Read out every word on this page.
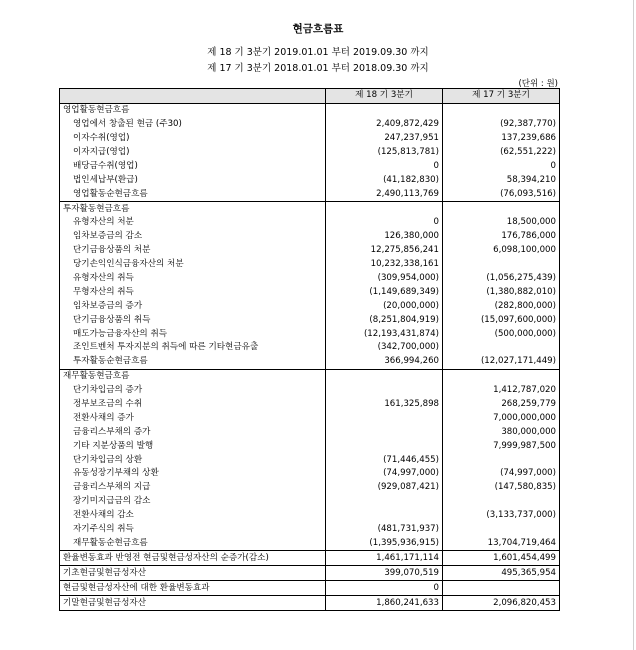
현금흐름표
제 18 기 3분기 2019.01.01 부터 2019.09.30 까지
제 17 기 3분기 2018.01.01 부터 2018.09.30 까지
(단위 : 원)
	제 18 기 3분기	제 17 기 3분기
영업활동현금흐름		
영업에서 창출된 현금 (주30)	2,409,872,429	(92,387,770)
이자수취(영업)	247,237,951	137,239,686
이자지급(영업)	(125,813,781)	(62,551,222)
배당금수취(영업)	0	0
법인세납부(환급)	(41,182,830)	58,394,210
영업활동순현금흐름	2,490,113,769	(76,093,516)
투자활동현금흐름		
유형자산의 처분	0	18,500,000
임차보증금의 감소	126,380,000	176,786,000
단기금융상품의 처분	12,275,856,241	6,098,100,000
당기손익인식금융자산의 처분	10,232,338,161	
유형자산의 취득	(309,954,000)	(1,056,275,439)
무형자산의 취득	(1,149,689,349)	(1,380,882,010)
임차보증금의 증가	(20,000,000)	(282,800,000)
단기금융상품의 취득	(8,251,804,919)	(15,097,600,000)
매도가능금융자산의 취득	(12,193,431,874)	(500,000,000)
조인트벤처 투자지분의 취득에 따른 기타현금유출	(342,700,000)	
투자활동순현금흐름	366,994,260	(12,027,171,449)
재무활동현금흐름		
단기차입금의 증가		1,412,787,020
정부보조금의 수취	161,325,898	268,259,779
전환사채의 증가		7,000,000,000
금융리스부채의 증가		380,000,000
기타 지분상품의 발행		7,999,987,500
단기차입금의 상환	(71,446,455)	
유동성장기부채의 상환	(74,997,000)	(74,997,000)
금융리스부채의 지급	(929,087,421)	(147,580,835)
장기미지급금의 감소		
전환사채의 감소		(3,133,737,000)
자기주식의 취득	(481,731,937)	
재무활동순현금흐름	(1,395,936,915)	13,704,719,464
환율변동효과 반영전 현금및현금성자산의 순증가(감소)	1,461,171,114	1,601,454,499
기초현금및현금성자산	399,070,519	495,365,954
현금및현금성자산에 대한 환율변동효과	0	
기말현금및현금성자산	1,860,241,633	2,096,820,453
